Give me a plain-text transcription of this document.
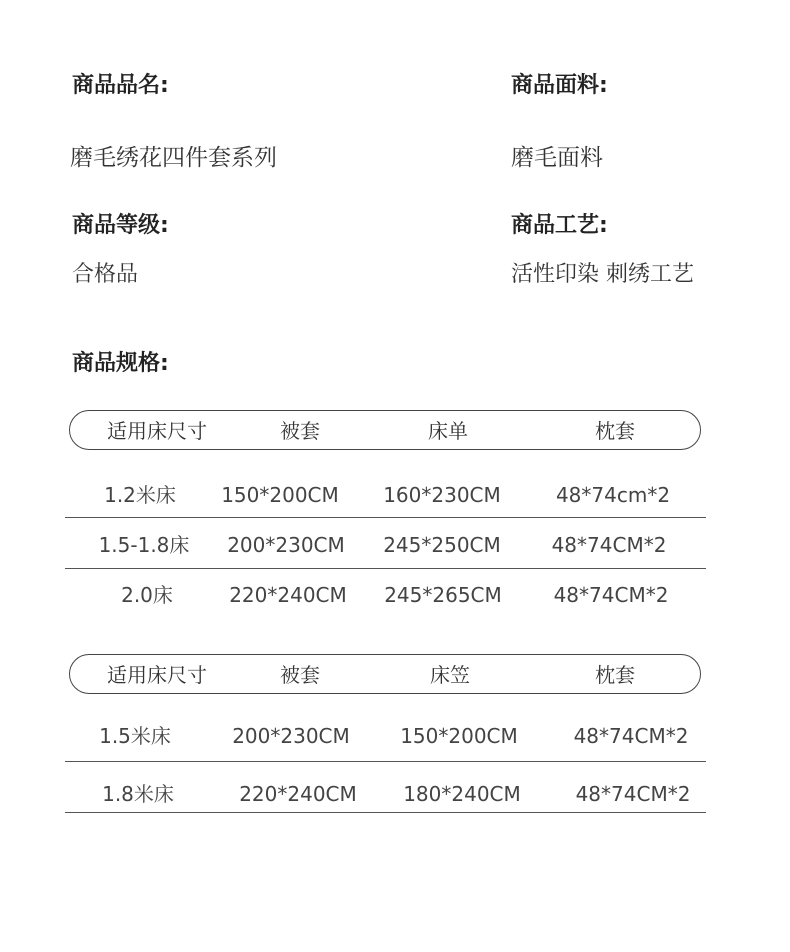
商品品名:	商品面料:
磨毛绣花四件套系列	磨毛面料
商品等级:	商品工艺:
合格品	活性印染 刺绣工艺
商品规格:
适用床尺寸	被套	床单	枕套
1.2米床 150*200CM 160*230CM	48*74cm*2
1.5-1.8床 200*230CM 245*250CM	48*74CM*2
2.0床	220*240CM 245*265CM	48*74CM*2
适用床尺寸	被套	床笠	枕套
1.5米床	200*230CM	150*200CM	48*74CM*2
1.8米床	220*240CM 180*240CM	48*74CM*2
